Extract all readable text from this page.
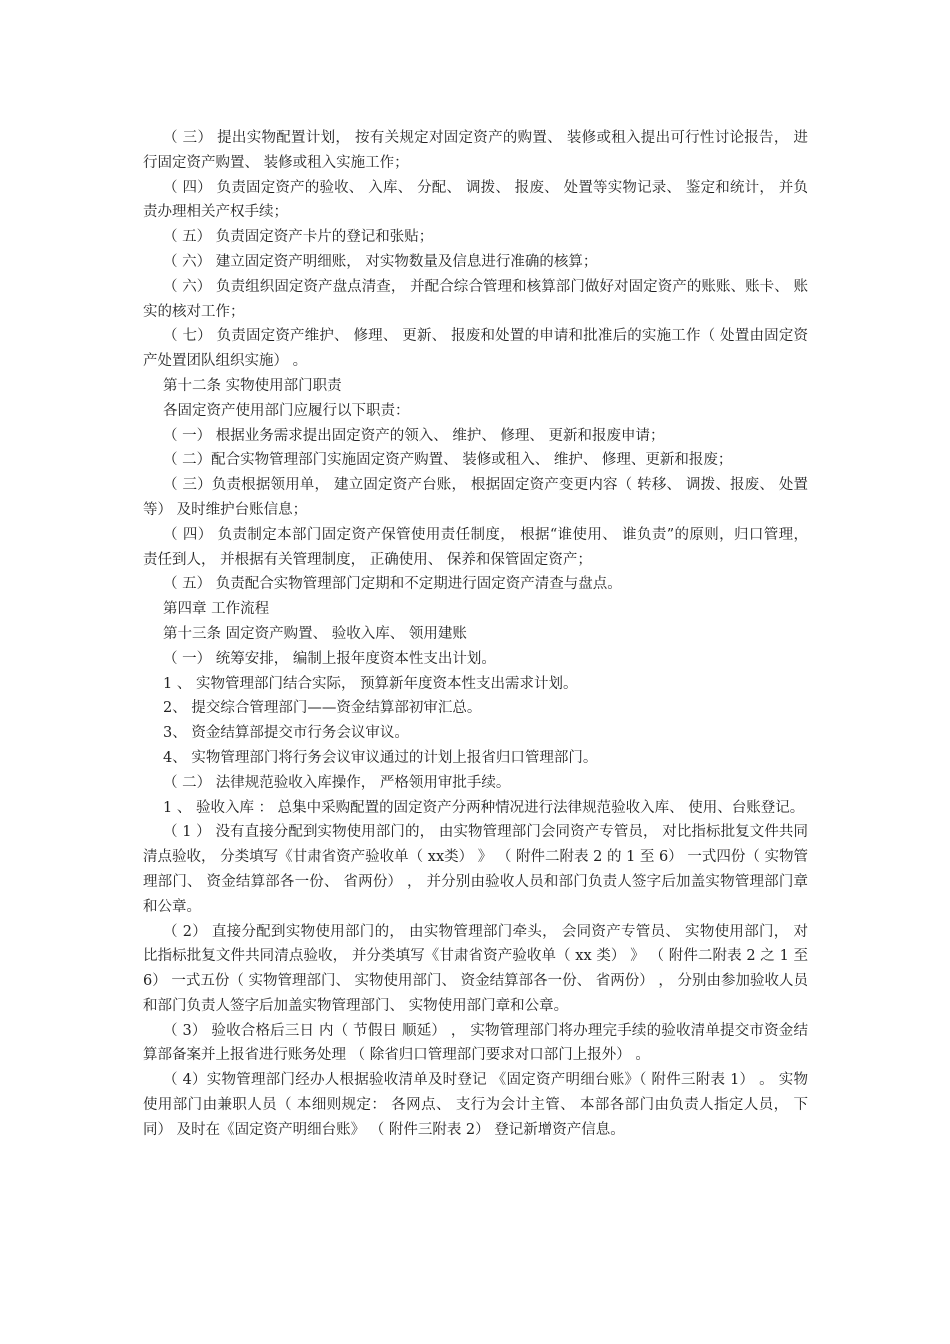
（ 三） 提出实物配置计划， 按有关规定对固定资产的购置、 装修或租入提出可行性讨论报告， 进行固定资产购置、 装修或租入实施工作；

（ 四） 负责固定资产的验收、 入库、 分配、 调拨、 报废、 处置等实物记录、 鉴定和统计， 并负责办理相关产权手续；

（ 五） 负责固定资产卡片的登记和张贴；

（ 六） 建立固定资产明细账， 对实物数量及信息进行准确的核算；

（ 六） 负责组织固定资产盘点清查， 并配合综合管理和核算部门做好对固定资产的账账、账卡、 账实的核对工作；

（ 七） 负责固定资产维护、 修理、 更新、 报废和处置的申请和批准后的实施工作（ 处置由固定资产处置团队组织实施） 。

第十二条 实物使用部门职责

各固定资产使用部门应履行以下职责：

（ 一） 根据业务需求提出固定资产的领入、 维护、 修理、 更新和报废申请；

（ 二）配合实物管理部门实施固定资产购置、 装修或租入、 维护、 修理、更新和报废；

（ 三）负责根据领用单， 建立固定资产台账， 根据固定资产变更内容（ 转移、 调拨、报废、 处置等） 及时维护台账信息；

（ 四） 负责制定本部门固定资产保管使用责任制度， 根据“谁使用、 谁负责”的原则，归口管理， 责任到人， 并根据有关管理制度， 正确使用、 保养和保管固定资产；

（ 五） 负责配合实物管理部门定期和不定期进行固定资产清查与盘点。

第四章 工作流程

第十三条 固定资产购置、 验收入库、 领用建账

（ 一） 统筹安排， 编制上报年度资本性支出计划。

1 、 实物管理部门结合实际， 预算新年度资本性支出需求计划。

2、 提交综合管理部门——资金结算部初审汇总。

3、 资金结算部提交市行务会议审议。

4、 实物管理部门将行务会议审议通过的计划上报省归口管理部门。

（ 二） 法律规范验收入库操作， 严格领用审批手续。

1 、 验收入库 ： 总集中采购配置的固定资产分两种情况进行法律规范验收入库、 使用、台账登记。

（ 1 ） 没有直接分配到实物使用部门的， 由实物管理部门会同资产专管员， 对比指标批复文件共同清点验收， 分类填写《甘肃省资产验收单（ xx类） 》 （ 附件二附表 2 的 1 至 6） 一式四份（ 实物管理部门、 资金结算部各一份、 省两份） ， 并分别由验收人员和部门负责人签字后加盖实物管理部门章和公章。

（ 2） 直接分配到实物使用部门的， 由实物管理部门牵头， 会同资产专管员、 实物使用部门， 对比指标批复文件共同清点验收， 并分类填写《甘肃省资产验收单（ xx 类） 》 （ 附件二附表 2 之 1 至 6） 一式五份（ 实物管理部门、 实物使用部门、 资金结算部各一份、 省两份） ， 分别由参加验收人员和部门负责人签字后加盖实物管理部门、 实物使用部门章和公章。

（ 3） 验收合格后三日 内（ 节假日 顺延） ， 实物管理部门将办理完手续的验收清单提交市资金结算部备案并上报省进行账务处理 （ 除省归口管理部门要求对口部门上报外） 。

（ 4）实物管理部门经办人根据验收清单及时登记 《固定资产明细台账》（ 附件三附表 1） 。 实物使用部门由兼职人员（ 本细则规定： 各网点、 支行为会计主管、 本部各部门由负责人指定人员， 下同） 及时在《固定资产明细台账》 （ 附件三附表 2） 登记新增资产信息。
